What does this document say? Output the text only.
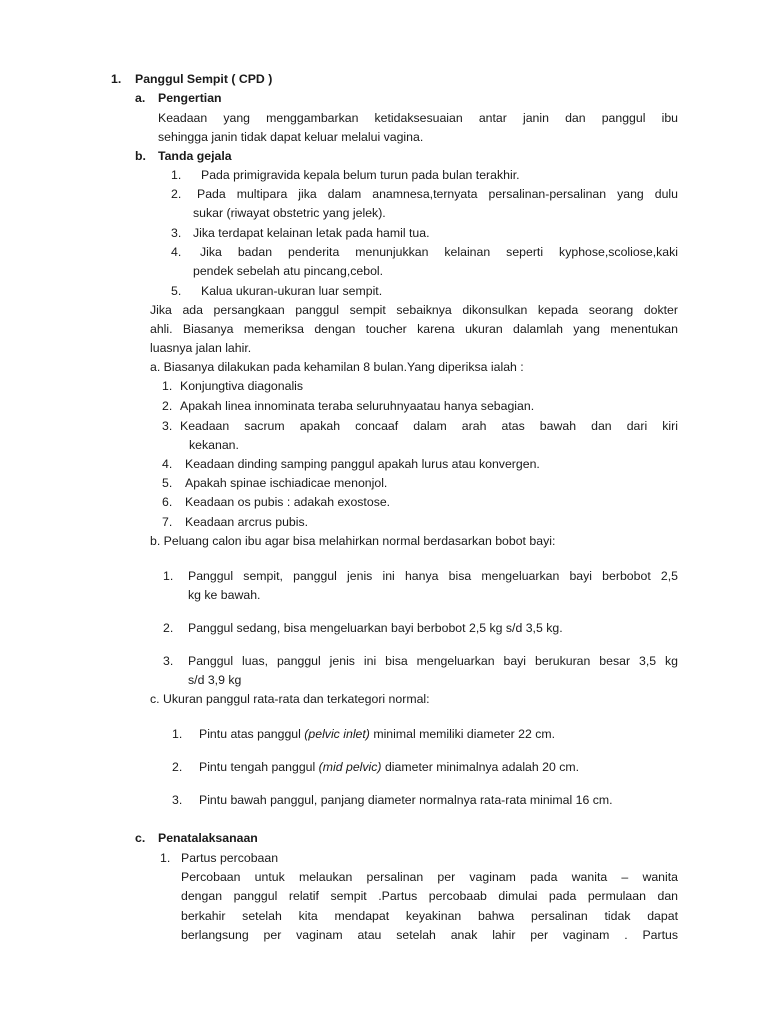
1. Panggul Sempit ( CPD )
a. Pengertian
Keadaan yang menggambarkan ketidaksesuaian antar janin dan panggul ibu
sehingga janin tidak dapat keluar melalui vagina.
b. Tanda gejala
1. Pada primigravida kepala belum turun pada bulan terakhir.
2. Pada multipara jika dalam anamnesa,ternyata persalinan-persalinan yang dulu
sukar (riwayat obstetric yang jelek).
3. Jika terdapat kelainan letak pada hamil tua.
4. Jika badan penderita menunjukkan kelainan seperti kyphose,scoliose,kaki
pendek sebelah atu pincang,cebol.
5. Kalua ukuran-ukuran luar sempit.
Jika ada persangkaan panggul sempit sebaiknya dikonsulkan kepada seorang dokter
ahli. Biasanya memeriksa dengan toucher karena ukuran dalamlah yang menentukan
luasnya jalan lahir.
a. Biasanya dilakukan pada kehamilan 8 bulan.Yang diperiksa ialah :
1. Konjungtiva diagonalis
2. Apakah linea innominata teraba seluruhnyaatau hanya sebagian.
3. Keadaan sacrum apakah concaaf dalam arah atas bawah dan dari kiri
kekanan.
4. Keadaan dinding samping panggul apakah lurus atau konvergen.
5. Apakah spinae ischiadicae menonjol.
6. Keadaan os pubis : adakah exostose.
7. Keadaan arcrus pubis.
b. Peluang calon ibu agar bisa melahirkan normal berdasarkan bobot bayi:
1. Panggul sempit, panggul jenis ini hanya bisa mengeluarkan bayi berbobot 2,5
kg ke bawah.
2. Panggul sedang, bisa mengeluarkan bayi berbobot 2,5 kg s/d 3,5 kg.
3. Panggul luas, panggul jenis ini bisa mengeluarkan bayi berukuran besar 3,5 kg
s/d 3,9 kg
c. Ukuran panggul rata-rata dan terkategori normal:
1. Pintu atas panggul (pelvic inlet) minimal memiliki diameter 22 cm.
2. Pintu tengah panggul (mid pelvic) diameter minimalnya adalah 20 cm.
3. Pintu bawah panggul, panjang diameter normalnya rata-rata minimal 16 cm.
c. Penatalaksanaan
1. Partus percobaan
Percobaan untuk melaukan persalinan per vaginam pada wanita – wanita
dengan panggul relatif sempit .Partus percobaab dimulai pada permulaan dan
berkahir setelah kita mendapat keyakinan bahwa persalinan tidak dapat
berlangsung per vaginam atau setelah anak lahir per vaginam . Partus
